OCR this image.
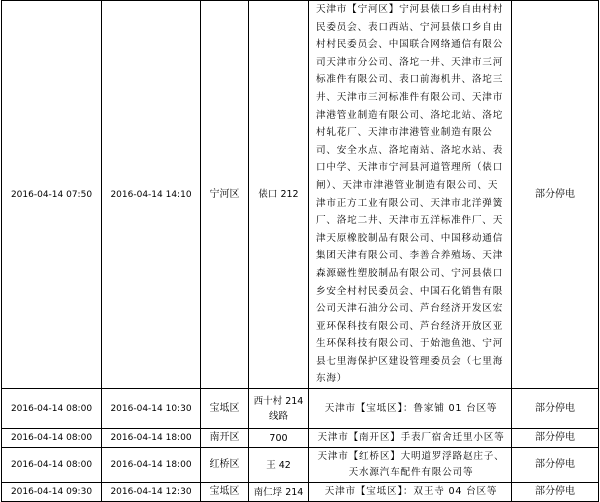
2016-04-14 07:50	2016-04-14 14:10	宁河区	俵口 212	天津市【宁河区】宁河县俵口乡自由村村民委员会、表口西站、宁河县俵口乡自由村村民委员会、中国联合网络通信有限公司天津市分公司、洛坨一井、天津市三河标准件有限公司、表口前海机井、洛坨三井、天津市三河标准件有限公司、天津市津港管业制造有限公司、洛坨北站、洛坨村轧花厂、天津市津港管业制造有限公司、安全水点、洛坨南站、洛坨水站、表口中学、天津市宁河县河道管理所（俵口闸）、天津市津港管业制造有限公司、天津市正方工业有限公司、天津市北洋弹簧厂、洛坨二井、天津市五洋标准件厂、天津天原橡胶制品有限公司、中国移动通信集团天津有限公司、李善合养殖场、天津森源磁性塑胶制品有限公司、宁河县俵口乡安全村村民委员会、中国石化销售有限公司天津石油分公司、芦台经济开发区宏亚环保科技有限公司、芦台经济开放区亚生环保科技有限公司、于始池鱼池、宁河县七里海保护区建设管理委员会（七里海东海）	部分停电
2016-04-14 08:00	2016-04-14 10:30	宝坻区	西十村 214线路	天津市【宝坻区】：鲁家铺 01 台区等	部分停电
2016-04-14 08:00	2016-04-14 18:00	南开区	700	天津市【南开区】手表厂宿舍迁里小区等	部分停电
2016-04-14 08:00	2016-04-14 18:00	红桥区	王 42	天津市【红桥区】大明道罗浮路赵庄子、天水源汽车配件有限公司等	部分停电
2016-04-14 09:30	2016-04-14 12:30	宝坻区	南仁垺 214	天津市【宝坻区】：双王寺 04 台区等	部分停电
